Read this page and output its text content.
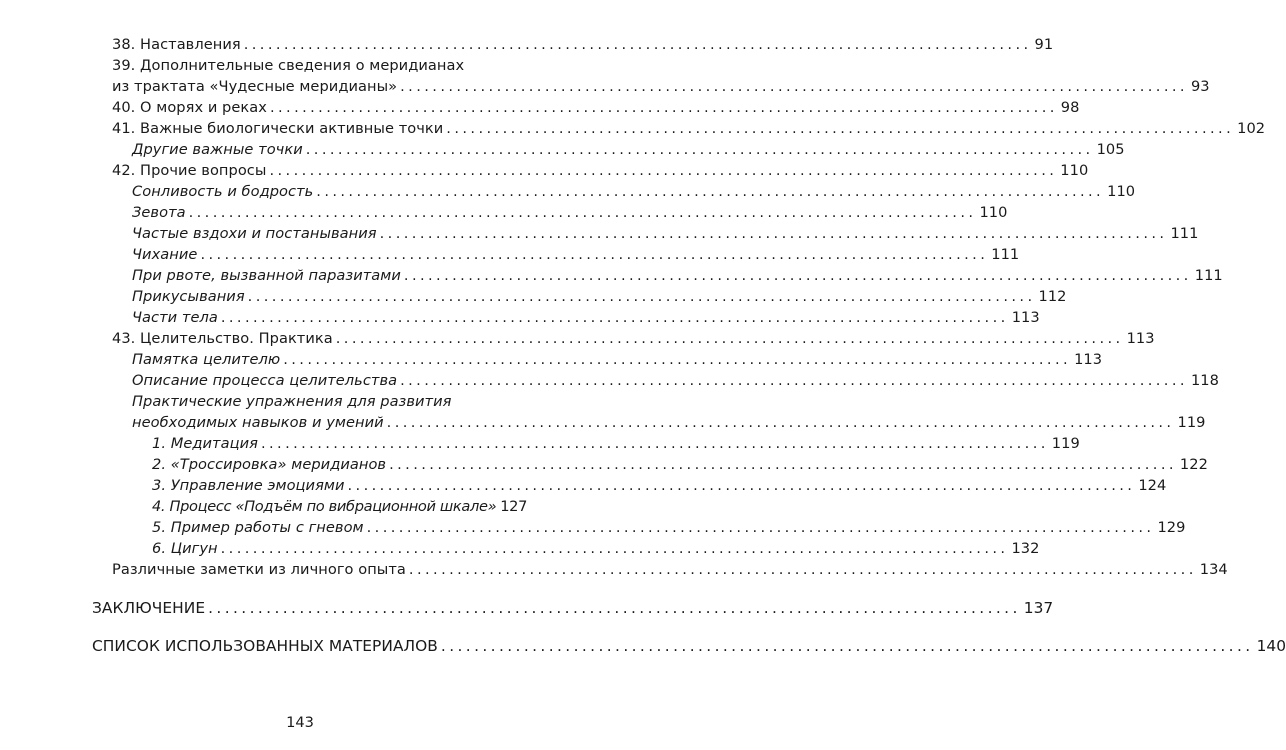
38. Наставления .................................................................................................. 91
39. Дополнительные сведения о меридианах
из трактата «Чудесные меридианы» .................................................................................................. 93
40. О морях и реках .................................................................................................. 98
41. Важные биологически активные точки .................................................................................................. 102
Другие важные точки .................................................................................................. 105
42. Прочие вопросы .................................................................................................. 110
Сонливость и бодрость .................................................................................................. 110
Зевота .................................................................................................. 110
Частые вздохи и постанывания .................................................................................................. 111
Чихание .................................................................................................. 111
При рвоте, вызванной паразитами .................................................................................................. 111
Прикусывания .................................................................................................. 112
Части тела .................................................................................................. 113
43. Целительство. Практика .................................................................................................. 113
Памятка целителю .................................................................................................. 113
Описание процесса целительства .................................................................................................. 118
Практические упражнения для развития
необходимых навыков и умений .................................................................................................. 119
1. Медитация .................................................................................................. 119
2. «Троссировка» меридианов .................................................................................................. 122
3. Управление эмоциями .................................................................................................. 124
4. Процесс «Подъём по вибрационной шкале» 127
5. Пример работы с гневом .................................................................................................. 129
6. Цигун .................................................................................................. 132
Различные заметки из личного опыта .................................................................................................. 134
ЗАКЛЮЧЕНИЕ .................................................................................................. 137
СПИСОК ИСПОЛЬЗОВАННЫХ МАТЕРИАЛОВ .................................................................................................. 140
143
